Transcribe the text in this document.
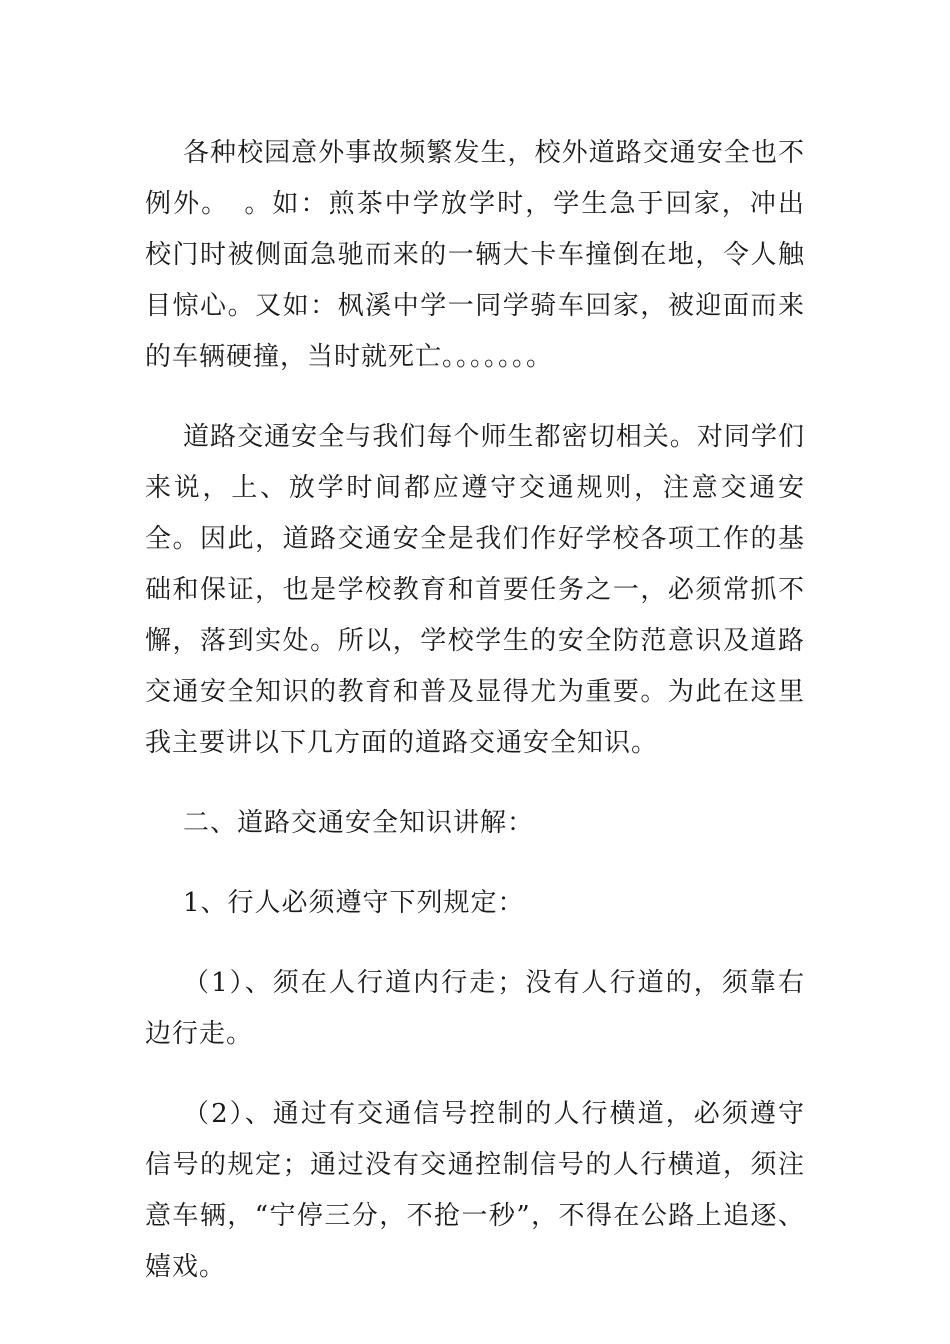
各种校园意外事故频繁发生，校外道路交通安全也不例外。　。如：煎茶中学放学时，学生急于回家，冲出校门时被侧面急驰而来的一辆大卡车撞倒在地，令人触目惊心。又如：枫溪中学一同学骑车回家，被迎面而来的车辆硬撞，当时就死亡。。。。。。。

道路交通安全与我们每个师生都密切相关。对同学们来说，上、放学时间都应遵守交通规则，注意交通安全。因此，道路交通安全是我们作好学校各项工作的基础和保证，也是学校教育和首要任务之一，必须常抓不懈，落到实处。所以，学校学生的安全防范意识及道路交通安全知识的教育和普及显得尤为重要。为此在这里我主要讲以下几方面的道路交通安全知识。

二、道路交通安全知识讲解：

1、行人必须遵守下列规定：

（1）、须在人行道内行走；没有人行道的，须靠右边行走。

（2）、通过有交通信号控制的人行横道，必须遵守信号的规定；通过没有交通控制信号的人行横道，须注意车辆，“宁停三分，不抢一秒”，不得在公路上追逐、嬉戏。
